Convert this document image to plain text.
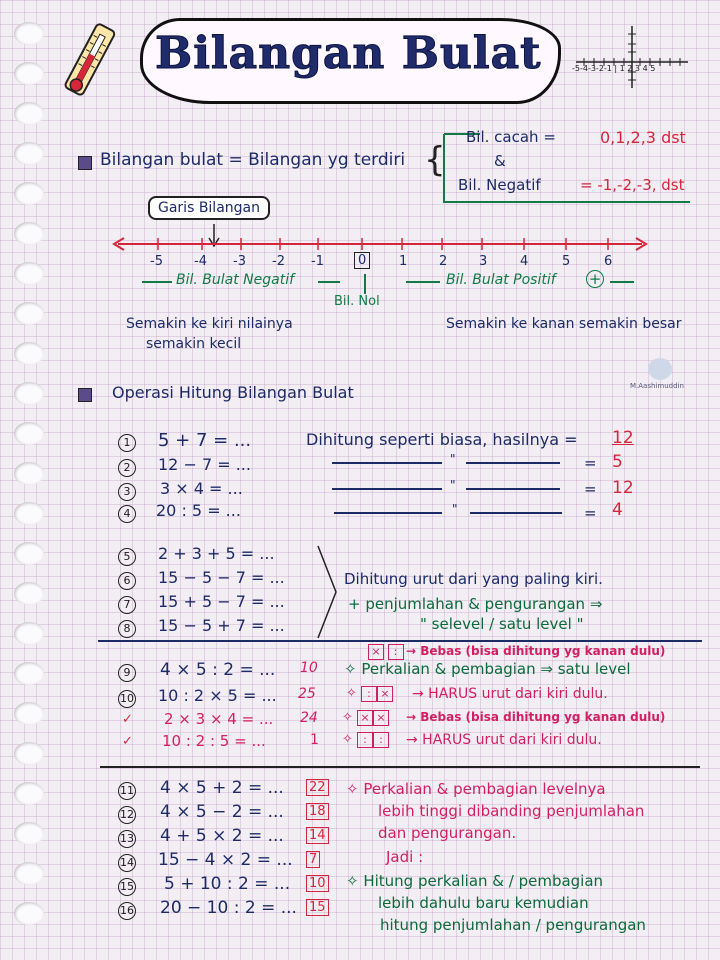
Bilangan Bulat	-5-4-3-2-1 | 1 2 3 4 5
Bilangan bulat = Bilangan yg terdiri {
Bil. cacah =	0,1,2,3 dst
&
Bil. Negatif	= -1,-2,-3, dst
Garis Bilangan
-5 -4 -3 -2 -1	0	1 2 3	4	5	6
Bil. Bulat Negatif
Bil. Nol
Bil. Bulat Positif +
Semakin ke kiri nilainya
semakin kecil
Semakin ke kanan semakin besar
M.Aashimuddin
Operasi Hitung Bilangan Bulat
1	5 + 7 = ...
2	12 − 7 = ...
3	3 × 4 = ...
4	20 : 5 = ...
Dihitung seperti biasa, hasilnya = 12
"	= 5
"	= 12
"	= 4
5	2 + 3 + 5 = ...
6	15 − 5 − 7 = ...
7	15 + 5 − 7 = ...
8	15 − 5 + 7 = ...
Dihitung urut dari yang paling kiri.
+ penjumlahan & pengurangan ⇒
" selevel / satu level "
× : → Bebas (bisa dihitung yg kanan dulu)
9	4 × 5 : 2 = ... 10 ✧ Perkalian & pembagian ⇒ satu level
10 10 : 2 × 5 = ... 25 ✧ : × → HARUS urut dari kiri dulu.
✓ 2 × 3 × 4 = ... 24 ✧ × × → Bebas (bisa dihitung yg kanan dulu)
✓ 10 : 2 : 5 = ...	1 ✧ : :	→ HARUS urut dari kiri dulu.
11 4 × 5 + 2 = ... 22
12 4 × 5 − 2 = ... 18
13 4 + 5 × 2 = ... 14
14 15 − 4 × 2 = ... 7
15 5 + 10 : 2 = ... 10
16 20 − 10 : 2 = ... 15
✧ Perkalian & pembagian levelnya
lebih tinggi dibanding penjumlahan
dan pengurangan.
Jadi :
✧ Hitung perkalian & / pembagian
lebih dahulu baru kemudian
hitung penjumlahan / pengurangan
